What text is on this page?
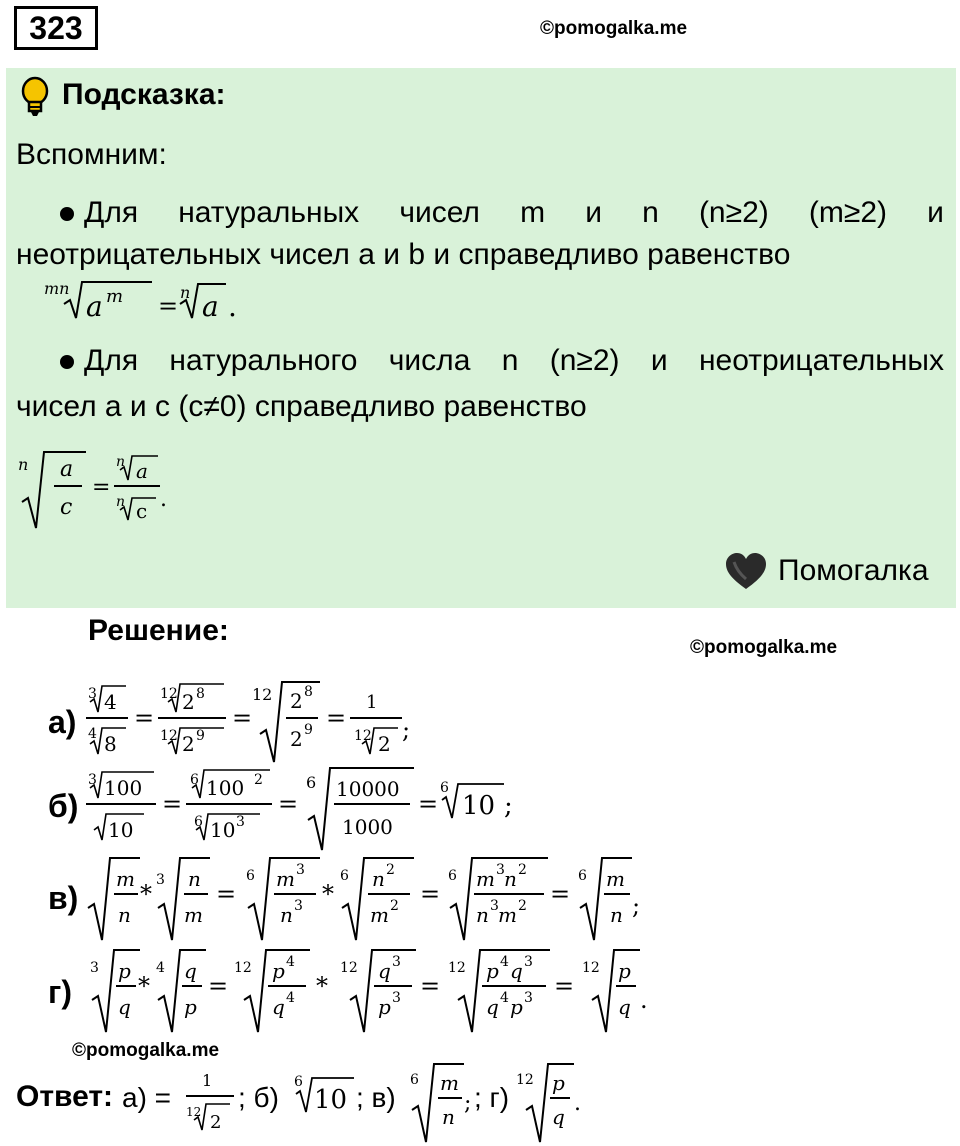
323	©pomogalka.me
Подсказка:
Вспомним:
Для натуральных чисел m и n (n≥2) (m≥2) и
неотрицательных чисел a и b и справедливо равенство
mn
a m = n a .
Для натурального числа n (n≥2) и неотрицательных
чисел a и c (c≠0) справедливо равенство
n a
c
=
n a
n c .
Помогалка
Решение:
©pomogalka.me
а)
3 4
4 8
=
12 2 8
12 2 9
=
12 2 8
2 9 =
1
12 2 ;
б)
3 100
10
=
6 100 2
6 10 3
=
6 10000
1000
=
6
10 ;
в)
m
n
* 3 n
m
=
6 m 3
n 3 *
6 n 2
m 2 =
6 m 3 n 2
n 3 m 2 =
6 m
n ;
г)
3 p
q
*
4 q
p
=
12 p 4
q 4 *
12 q 3
p 3 =
12 p 4 q 3
q 4 p 3 =
12 p
q .
©pomogalka.me
Ответ: а) =
1
12 2
; б) 6
10 ; в)
6 m
n
; ; г)
12 p
q
.
